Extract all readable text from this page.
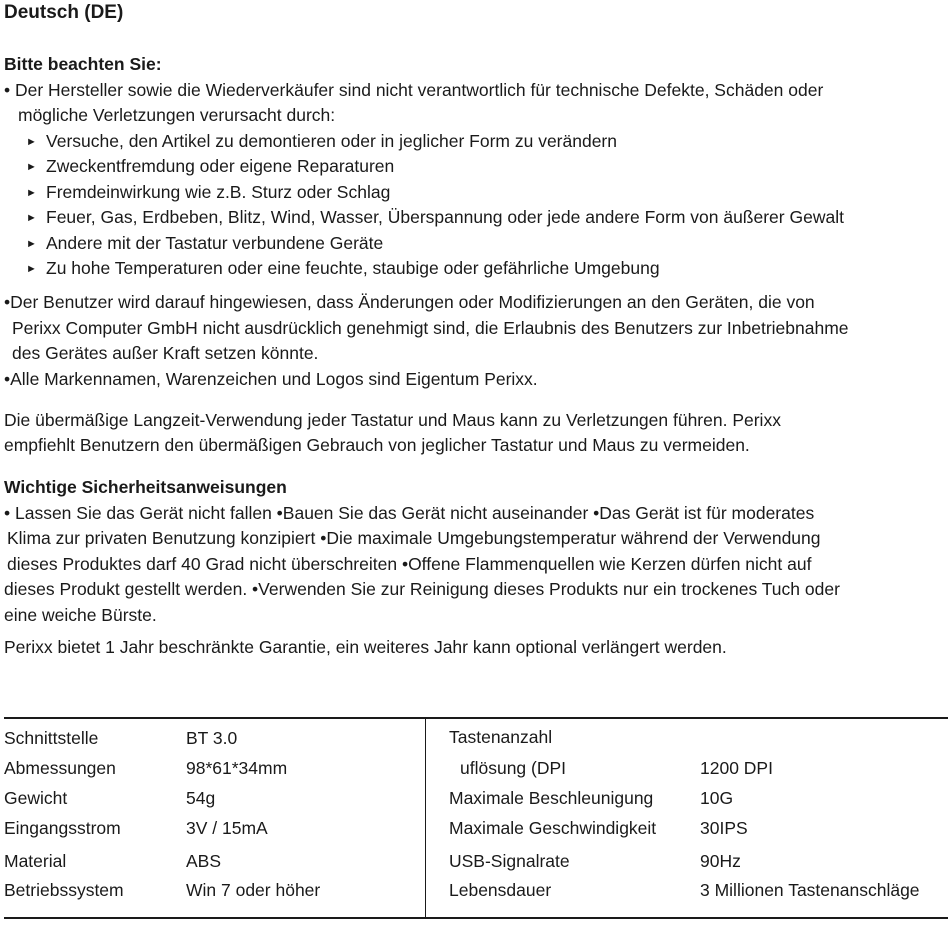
Deutsch (DE)
Bitte beachten Sie:
• Der Hersteller sowie die Wiederverkäufer sind nicht verantwortlich für technische Defekte, Schäden oder
mögliche Verletzungen verursacht durch:
► Versuche, den Artikel zu demontieren oder in jeglicher Form zu verändern
► Zweckentfremdung oder eigene Reparaturen
► Fremdeinwirkung wie z.B. Sturz oder Schlag
► Feuer, Gas, Erdbeben, Blitz, Wind, Wasser, Überspannung oder jede andere Form von äußerer Gewalt
► Andere mit der Tastatur verbundene Geräte
► Zu hohe Temperaturen oder eine feuchte, staubige oder gefährliche Umgebung
•Der Benutzer wird darauf hingewiesen, dass Änderungen oder Modifizierungen an den Geräten, die von
Perixx Computer GmbH nicht ausdrücklich genehmigt sind, die Erlaubnis des Benutzers zur Inbetriebnahme
des Gerätes außer Kraft setzen könnte.
•Alle Markennamen, Warenzeichen und Logos sind Eigentum Perixx.
Die übermäßige Langzeit-Verwendung jeder Tastatur und Maus kann zu Verletzungen führen. Perixx
empfiehlt Benutzern den übermäßigen Gebrauch von jeglicher Tastatur und Maus zu vermeiden.
Wichtige Sicherheitsanweisungen
• Lassen Sie das Gerät nicht fallen •Bauen Sie das Gerät nicht auseinander •Das Gerät ist für moderates
Klima zur privaten Benutzung konzipiert •Die maximale Umgebungstemperatur während der Verwendung
dieses Produktes darf 40 Grad nicht überschreiten •Offene Flammenquellen wie Kerzen dürfen nicht auf
dieses Produkt gestellt werden. •Verwenden Sie zur Reinigung dieses Produkts nur ein trockenes Tuch oder
eine weiche Bürste.
Perixx bietet 1 Jahr beschränkte Garantie, ein weiteres Jahr kann optional verlängert werden.
Schnittstelle	BT 3.0
Abmessungen	98*61*34mm
Gewicht	54g
Eingangsstrom	3V / 15mA
Material	ABS
Betriebssystem	Win 7 oder höher
Tastenanzahl
uflösung (DPI	1200 DPI
Maximale Beschleunigung	10G
Maximale Geschwindigkeit	30IPS
USB-Signalrate	90Hz
Lebensdauer	3 Millionen Tastenanschläge
